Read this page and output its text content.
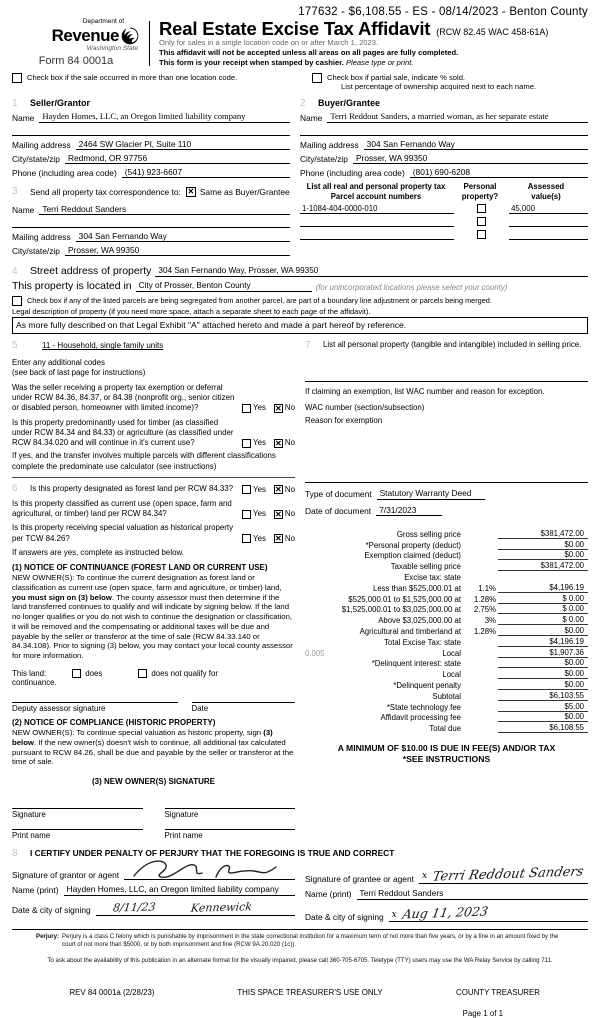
177632 - $6,108.55 - ES - 08/14/2023 - Benton County
Department of
Revenue
Washington State
Form 84 0001a
Real Estate Excise Tax Affidavit (RCW 82.45 WAC 458-61A)
Only for sales in a single location code on or after March 1, 2023.
This affidavit will not be accepted unless all areas on all pages are fully completed.
This form is your receipt when stamped by cashier. Please type or print.
Check box if the sale occurred in more than one location code.	Check box if partial sale, indicate % sold.
List percentage of ownership acquired next to each name.
1 Seller/Grantor
Name Hayden Homes, LLC, an Oregon limited liability company
Mailing address 2464 SW Glacier Pl, Suite 110
City/state/zip Redmond, OR 97756
Phone (including area code) (541) 923-6607
3	Send all property tax correspondence to: ✕ Same as Buyer/Grantee
Name Terri Reddout Sanders
Mailing address 304 San Fernando Way
City/state/zip Prosser, WA 99350
2 Buyer/Grantee
Name Terri Reddout Sanders, a married woman, as her separate estate
Mailing address 304 San Fernando Way
City/state/zip Prosser, WA 99350
Phone (including area code) (801) 690-6208
List all real and personal property tax
Parcel account numbers
Personal
property?
Assessed
value(s)
1-1084-404-0000-010	45,000
4	Street address of property 304 San Fernando Way, Prosser, WA 99350
This property is located in City of Prosser, Benton County	(for unincorporated locations please select your county)
Check box if any of the listed parcels are being segregated from another parcel, are part of a boundary line adjustment or parcels being merged.
Legal description of property (if you need more space, attach a separate sheet to each page of the affidavit).
As more fully described on that Legal Exhibit "A" attached hereto and made a part hereof by reference.
5	11 - Household, single family units
Enter any additional codes
(see back of last page for instructions)
Was the seller receiving a property tax exemption or deferral under RCW 84.36, 84.37, or 84.38 (nonprofit org., senior citizen or disabled person, homeowner with limited income)?	Yes ✕ No
Is this property predominantly used for timber (as classified under RCW 84.34 and 84.33) or agriculture (as classified under RCW 84.34.020 and will continue in it's current use?	Yes ✕ No
If yes, and the transfer involves multiple parcels with different classifications complete the predominate use calculator (see instructions)
6 Is this property designated as forest land per RCW 84.33?	Yes ✕ No
Is this property classified as current use (open space, farm and agricultural, or timber) land per RCW 84.34?	Yes ✕ No
Is this property receiving special valuation as historical property per TCW 84.26?	Yes ✕ No
If answers are yes, complete as instructed below.
(1) NOTICE OF CONTINUANCE (FOREST LAND OR CURRENT USE)
NEW OWNER(S): To continue the current designation as forest land or classification as current use (open space, farm and agriculture, or timber) land, you must sign on (3) below. The county assessor must then determine if the land transferred continues to qualify and will indicate by signing below. If the land no longer qualifies or you do not wish to continue the designation or classification, it will be removed and the compensating or additional taxes will be due and payable by the seller or transferor at the time of sale (RCW 84.33.140 or 84.34.108). Prior to signing (3) below, you may contact your local county assessor for more information.
This land:	does	does not qualify for
continuance.
Deputy assessor signature	Date
(2) NOTICE OF COMPLIANCE (HISTORIC PROPERTY)
NEW OWNER(S): To continue special valuation as historic property, sign (3) below. If the new owner(s) doesn't wish to continue, all additional tax calculated pursuant to RCW 84.26, shall be due and payable by the seller or transferor at the time of sale.
(3) NEW OWNER(S) SIGNATURE
Signature	Signature
Print name	Print name
7	List all personal property (tangible and intangible) included in selling price.
If claiming an exemption, list WAC number and reason for exception.
WAC number (section/subsection)
Reason for exemption
Type of document Statutory Warranty Deed
Date of document 7/31/2023
Gross selling price	$381,472.00
*Personal property (deduct)	$0.00
Exemption claimed (deduct)	$0.00
Taxable selling price	$381,472.00
Excise tax: state
Less than $525,000.01 at	1.1%	$4,196.19
$525,000.01 to $1,525,000.00 at	1.28%	$ 0.00
$1,525,000.01 to $3,025,000.00 at	2.75%	$ 0.00
Above $3,025,000.00 at	3%	$ 0.00
Agricultural and timberland at	1.28%	$0.00
Total Excise Tax: state	$4,196.19
0.005	Local	$1,907.36
*Delinquent interest: state	$0.00
Local	$0.00
*Delinquent penalty	$0.00
Subtotal	$6,103.55
*State technology fee	$5.00
Affidavit processing fee	$0.00
Total due	$6,108.55
A MINIMUM OF $10.00 IS DUE IN FEE(S) AND/OR TAX
*SEE INSTRUCTIONS
8 I CERTIFY UNDER PENALTY OF PERJURY THAT THE FOREGOING IS TRUE AND CORRECT
Signature of grantor or agent
Name (print) Hayden Homes, LLC, an Oregon limited liability company
Date & city of signing	8/11/23	Kennewick
Signature of grantee or agent x Terri Reddout Sanders
Name (print) Terri Reddout Sanders
Date & city of signing x Aug 11, 2023
Perjury: Perjury is a class C felony which is punishable by imprisonment in the state correctional institution for a maximum term of not more than five years, or by a fine in an amount fixed by the court of not more than $5000, or by both imprisonment and fine (RCW 9A.20.020 (1c)).
To ask about the availability of this publication in an alternate format for the visually impaired, please call 360-705-6705. Teletype (TTY) users may use the WA Relay Service by calling 711.
REV 84 0001a (2/28/23)	THIS SPACE TREASURER'S USE ONLY	COUNTY TREASURER
Page 1 of 1
